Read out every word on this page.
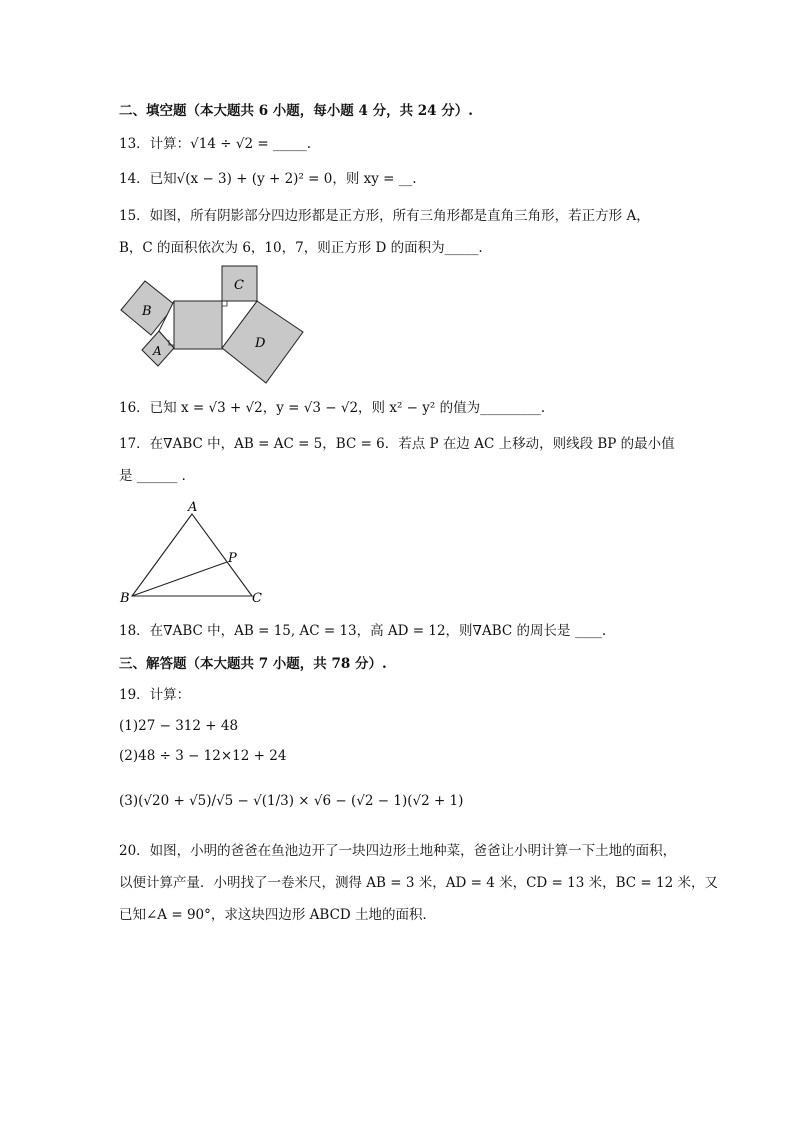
二、填空题（本大题共 6 小题，每小题 4 分，共 24 分）.
13．计算：√14 ÷ √2 = _____.
14．已知√(x − 3) + (y + 2)² = 0，则 xy = __.
15．如图，所有阴影部分四边形都是正方形，所有三角形都是直角三角形，若正方形 A，
B，C 的面积依次为 6，10，7，则正方形 D 的面积为_____.
B
A
C
D
16．已知 x = √3 + √2，y = √3 − √2，则 x² − y² 的值为_________.
17．在∇ABC 中，AB = AC = 5，BC = 6．若点 P 在边 AC 上移动，则线段 BP 的最小值
是 ______ ．
A
P
B	C
18．在∇ABC 中，AB = 15, AC = 13，高 AD = 12，则∇ABC 的周长是 ____.
三、解答题（本大题共 7 小题，共 78 分）.
19．计算：
(1)27 − 312 + 48
(2)48 ÷ 3 − 12×12 + 24
(3)(√20 + √5)/√5 − √(1/3) × √6 − (√2 − 1)(√2 + 1)
20．如图，小明的爸爸在鱼池边开了一块四边形土地种菜，爸爸让小明计算一下土地的面积，
以便计算产量．小明找了一卷米尺，测得 AB = 3 米，AD = 4 米，CD = 13 米，BC = 12 米，又
已知∠A = 90°，求这块四边形 ABCD 土地的面积．
